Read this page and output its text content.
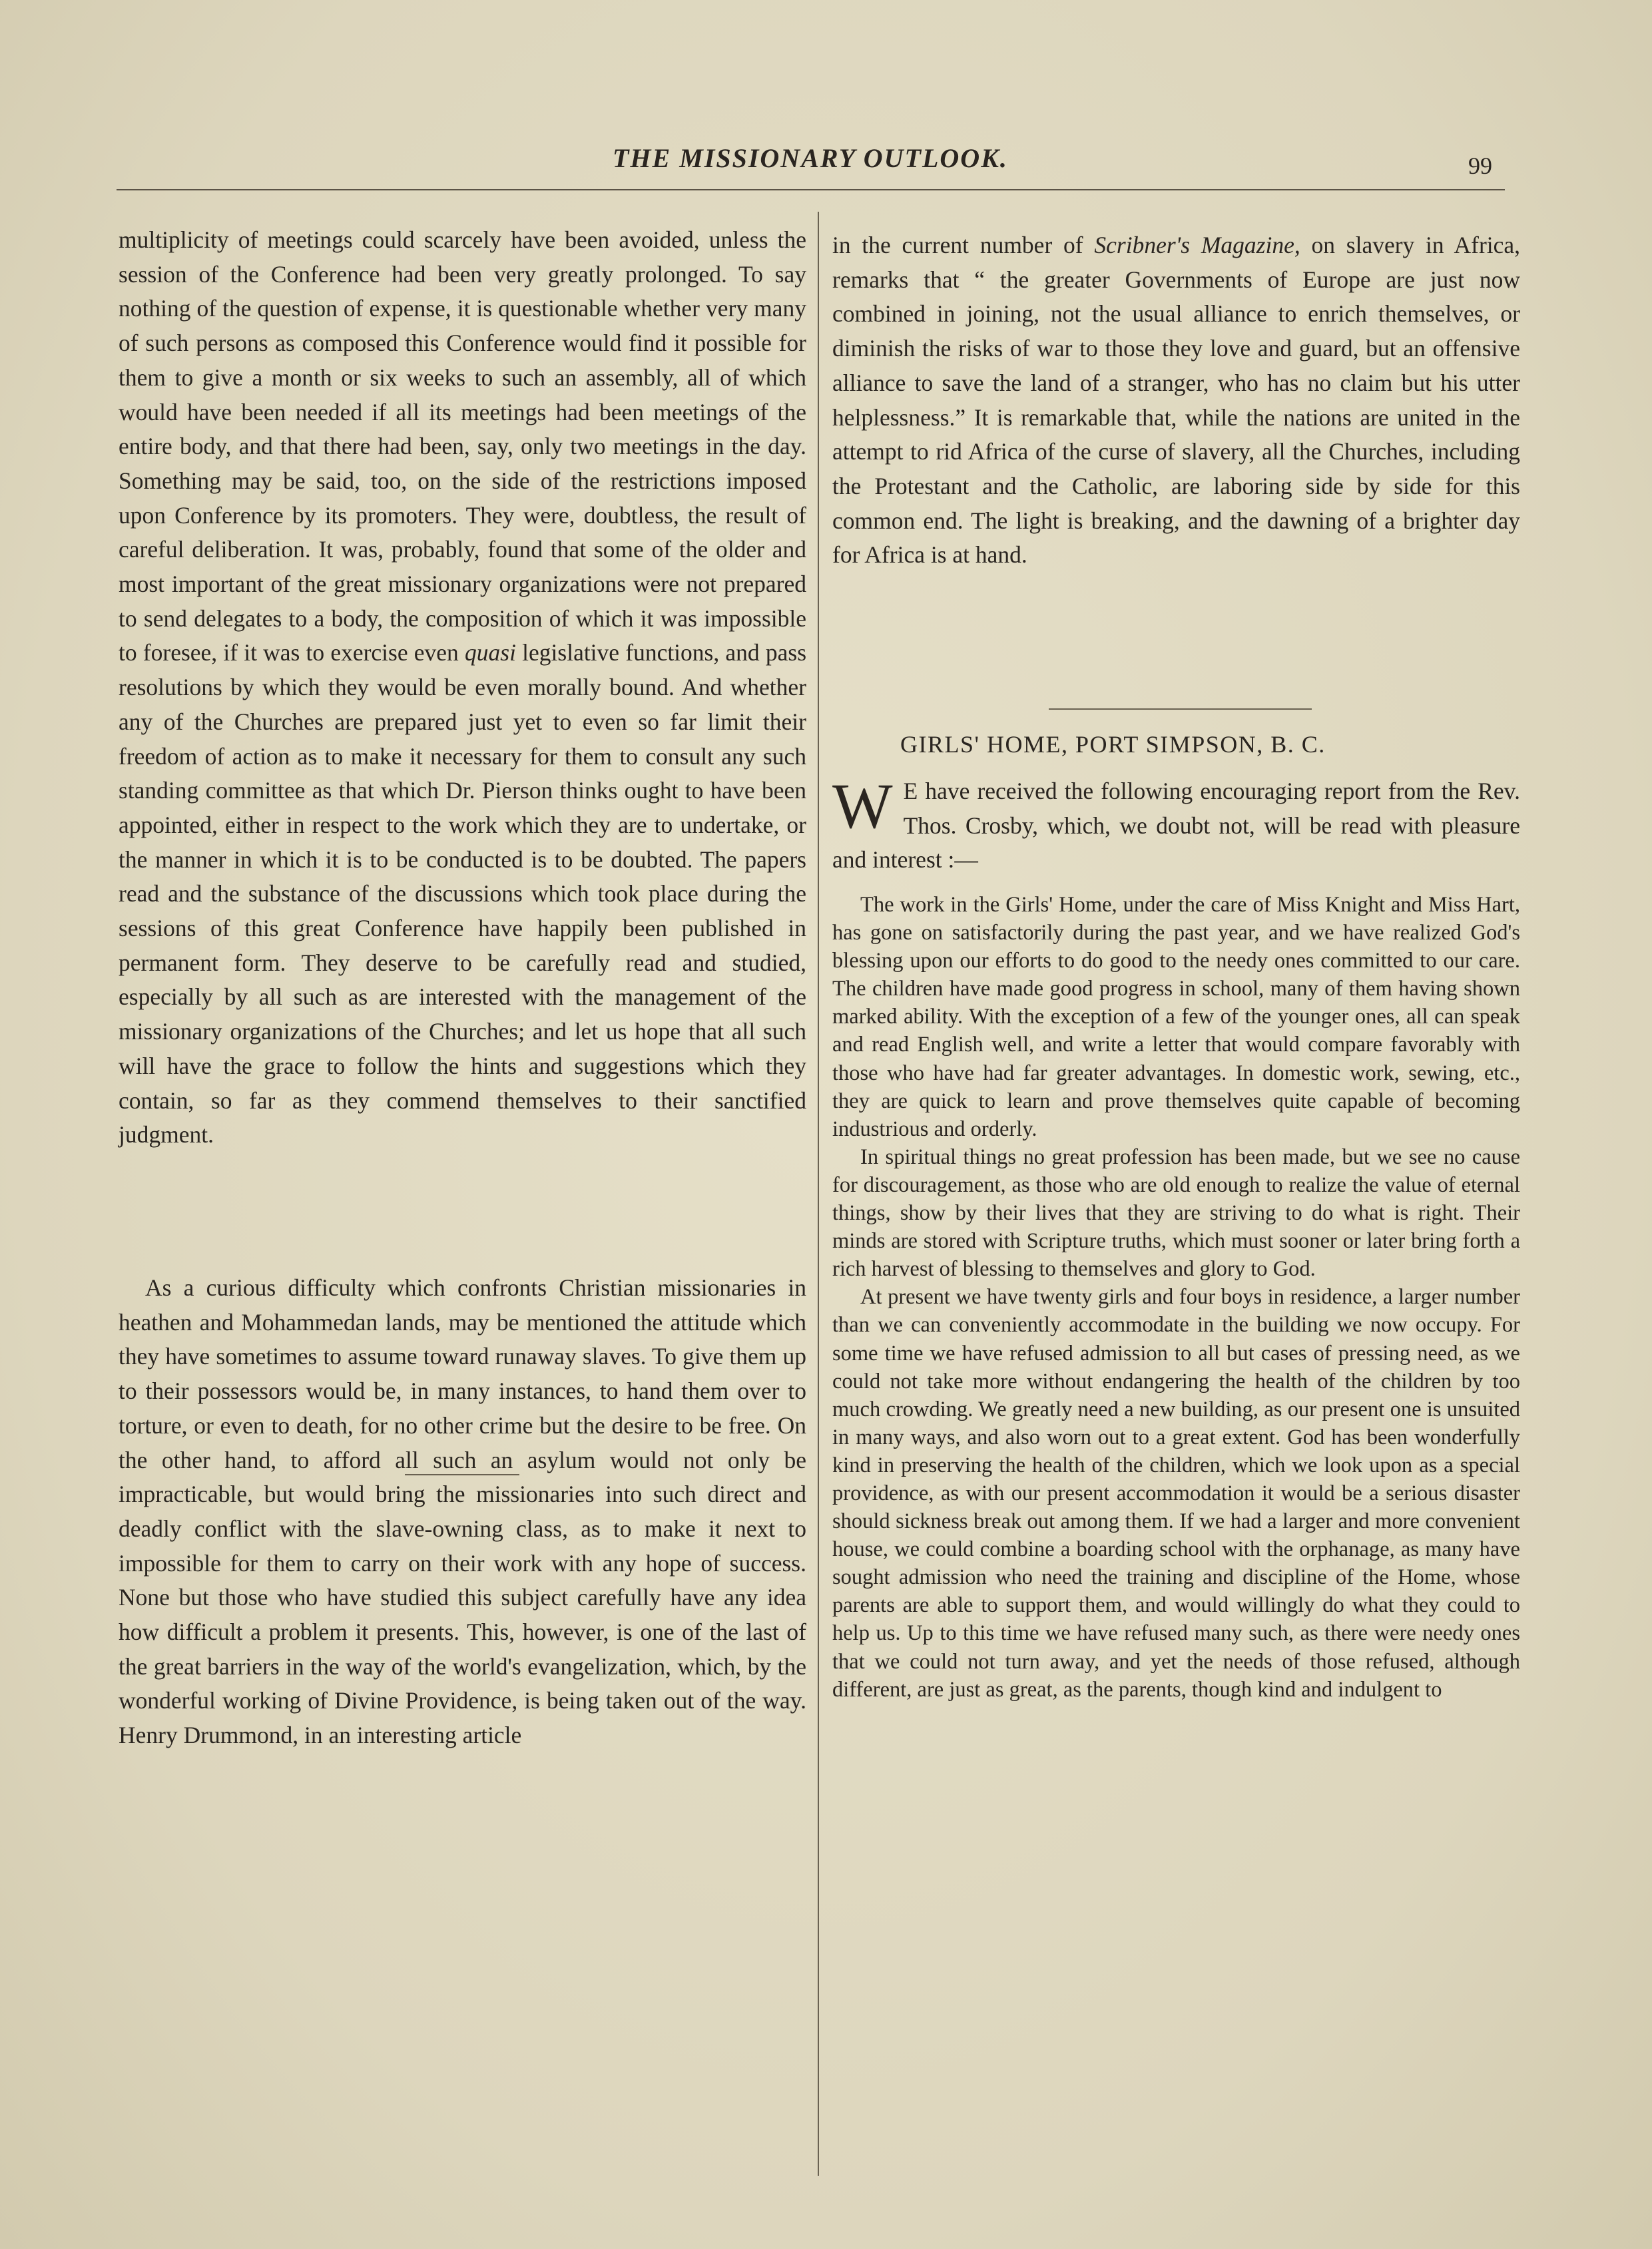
THE MISSIONARY OUTLOOK.	99

multiplicity of meetings could scarcely have been avoided, unless the session of the Conference had been very greatly prolonged. To say nothing of the question of expense, it is questionable whether very many of such persons as composed this Conference would find it possible for them to give a month or six weeks to such an assembly, all of which would have been needed if all its meetings had been meetings of the entire body, and that there had been, say, only two meetings in the day. Something may be said, too, on the side of the restrictions imposed upon Conference by its promoters. They were, doubtless, the result of careful deliberation. It was, probably, found that some of the older and most important of the great missionary organizations were not prepared to send delegates to a body, the composition of which it was impossible to foresee, if it was to exercise even quasi legislative functions, and pass resolutions by which they would be even morally bound. And whether any of the Churches are prepared just yet to even so far limit their freedom of action as to make it necessary for them to consult any such standing committee as that which Dr. Pierson thinks ought to have been appointed, either in respect to the work which they are to undertake, or the manner in which it is to be conducted is to be doubted. The papers read and the substance of the discussions which took place during the sessions of this great Conference have happily been published in permanent form. They deserve to be carefully read and studied, especially by all such as are interested with the management of the missionary organizations of the Churches; and let us hope that all such will have the grace to follow the hints and suggestions which they contain, so far as they commend themselves to their sanctified judgment.

As a curious difficulty which confronts Christian missionaries in heathen and Mohammedan lands, may be mentioned the attitude which they have sometimes to assume toward runaway slaves. To give them up to their possessors would be, in many instances, to hand them over to torture, or even to death, for no other crime but the desire to be free. On the other hand, to afford all such an asylum would not only be impracticable, but would bring the missionaries into such direct and deadly conflict with the slave-owning class, as to make it next to impossible for them to carry on their work with any hope of success. None but those who have studied this subject carefully have any idea how difficult a problem it presents. This, however, is one of the last of the great barriers in the way of the world's evangelization, which, by the wonderful working of Divine Providence, is being taken out of the way. Henry Drummond, in an interesting article

in the current number of Scribner's Magazine, on slavery in Africa, remarks that “ the greater Governments of Europe are just now combined in joining, not the usual alliance to enrich themselves, or diminish the risks of war to those they love and guard, but an offensive alliance to save the land of a stranger, who has no claim but his utter helplessness.” It is remarkable that, while the nations are united in the attempt to rid Africa of the curse of slavery, all the Churches, including the Protestant and the Catholic, are laboring side by side for this common end. The light is breaking, and the dawning of a brighter day for Africa is at hand.

GIRLS' HOME, PORT SIMPSON, B. C.

W E have received the following encouraging report from the Rev. Thos. Crosby, which, we doubt not, will be read with pleasure and interest :—

The work in the Girls' Home, under the care of Miss Knight and Miss Hart, has gone on satisfactorily during the past year, and we have realized God's blessing upon our efforts to do good to the needy ones committed to our care. The children have made good progress in school, many of them having shown marked ability. With the exception of a few of the younger ones, all can speak and read English well, and write a letter that would compare favorably with those who have had far greater advantages. In domestic work, sewing, etc., they are quick to learn and prove themselves quite capable of becoming industrious and orderly.

In spiritual things no great profession has been made, but we see no cause for discouragement, as those who are old enough to realize the value of eternal things, show by their lives that they are striving to do what is right. Their minds are stored with Scripture truths, which must sooner or later bring forth a rich harvest of blessing to themselves and glory to God.

At present we have twenty girls and four boys in residence, a larger number than we can conveniently accommodate in the building we now occupy. For some time we have refused admission to all but cases of pressing need, as we could not take more without endangering the health of the children by too much crowding. We greatly need a new building, as our present one is unsuited in many ways, and also worn out to a great extent. God has been wonderfully kind in preserving the health of the children, which we look upon as a special providence, as with our present accommodation it would be a serious disaster should sickness break out among them. If we had a larger and more convenient house, we could combine a boarding school with the orphanage, as many have sought admission who need the training and discipline of the Home, whose parents are able to support them, and would willingly do what they could to help us. Up to this time we have refused many such, as there were needy ones that we could not turn away, and yet the needs of those refused, although different, are just as great, as the parents, though kind and indulgent to
